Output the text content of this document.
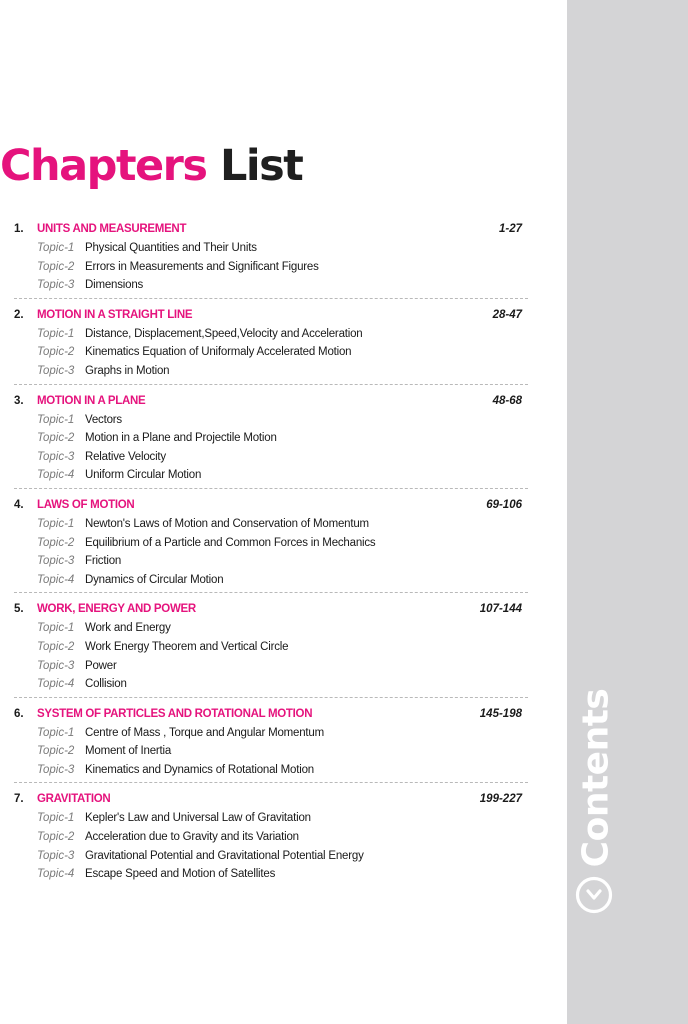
Contents
Chapters List
1. UNITS AND MEASUREMENT	1-27
Topic-1 Physical Quantities and Their Units
Topic-2 Errors in Measurements and Significant Figures
Topic-3 Dimensions
2. MOTION IN A STRAIGHT LINE	28-47
Topic-1 Distance, Displacement,Speed,Velocity and Acceleration
Topic-2 Kinematics Equation of Uniformaly Accelerated Motion
Topic-3 Graphs in Motion
3. MOTION IN A PLANE	48-68
Topic-1 Vectors
Topic-2 Motion in a Plane and Projectile Motion
Topic-3 Relative Velocity
Topic-4 Uniform Circular Motion
4. LAWS OF MOTION	69-106
Topic-1 Newton's Laws of Motion and Conservation of Momentum
Topic-2 Equilibrium of a Particle and Common Forces in Mechanics
Topic-3 Friction
Topic-4 Dynamics of Circular Motion
5. WORK, ENERGY AND POWER	107-144
Topic-1 Work and Energy
Topic-2 Work Energy Theorem and Vertical Circle
Topic-3 Power
Topic-4 Collision
6. SYSTEM OF PARTICLES AND ROTATIONAL MOTION	145-198
Topic-1 Centre of Mass , Torque and Angular Momentum
Topic-2 Moment of Inertia
Topic-3 Kinematics and Dynamics of Rotational Motion
7. GRAVITATION	199-227
Topic-1 Kepler's Law and Universal Law of Gravitation
Topic-2 Acceleration due to Gravity and its Variation
Topic-3 Gravitational Potential and Gravitational Potential Energy
Topic-4 Escape Speed and Motion of Satellites
